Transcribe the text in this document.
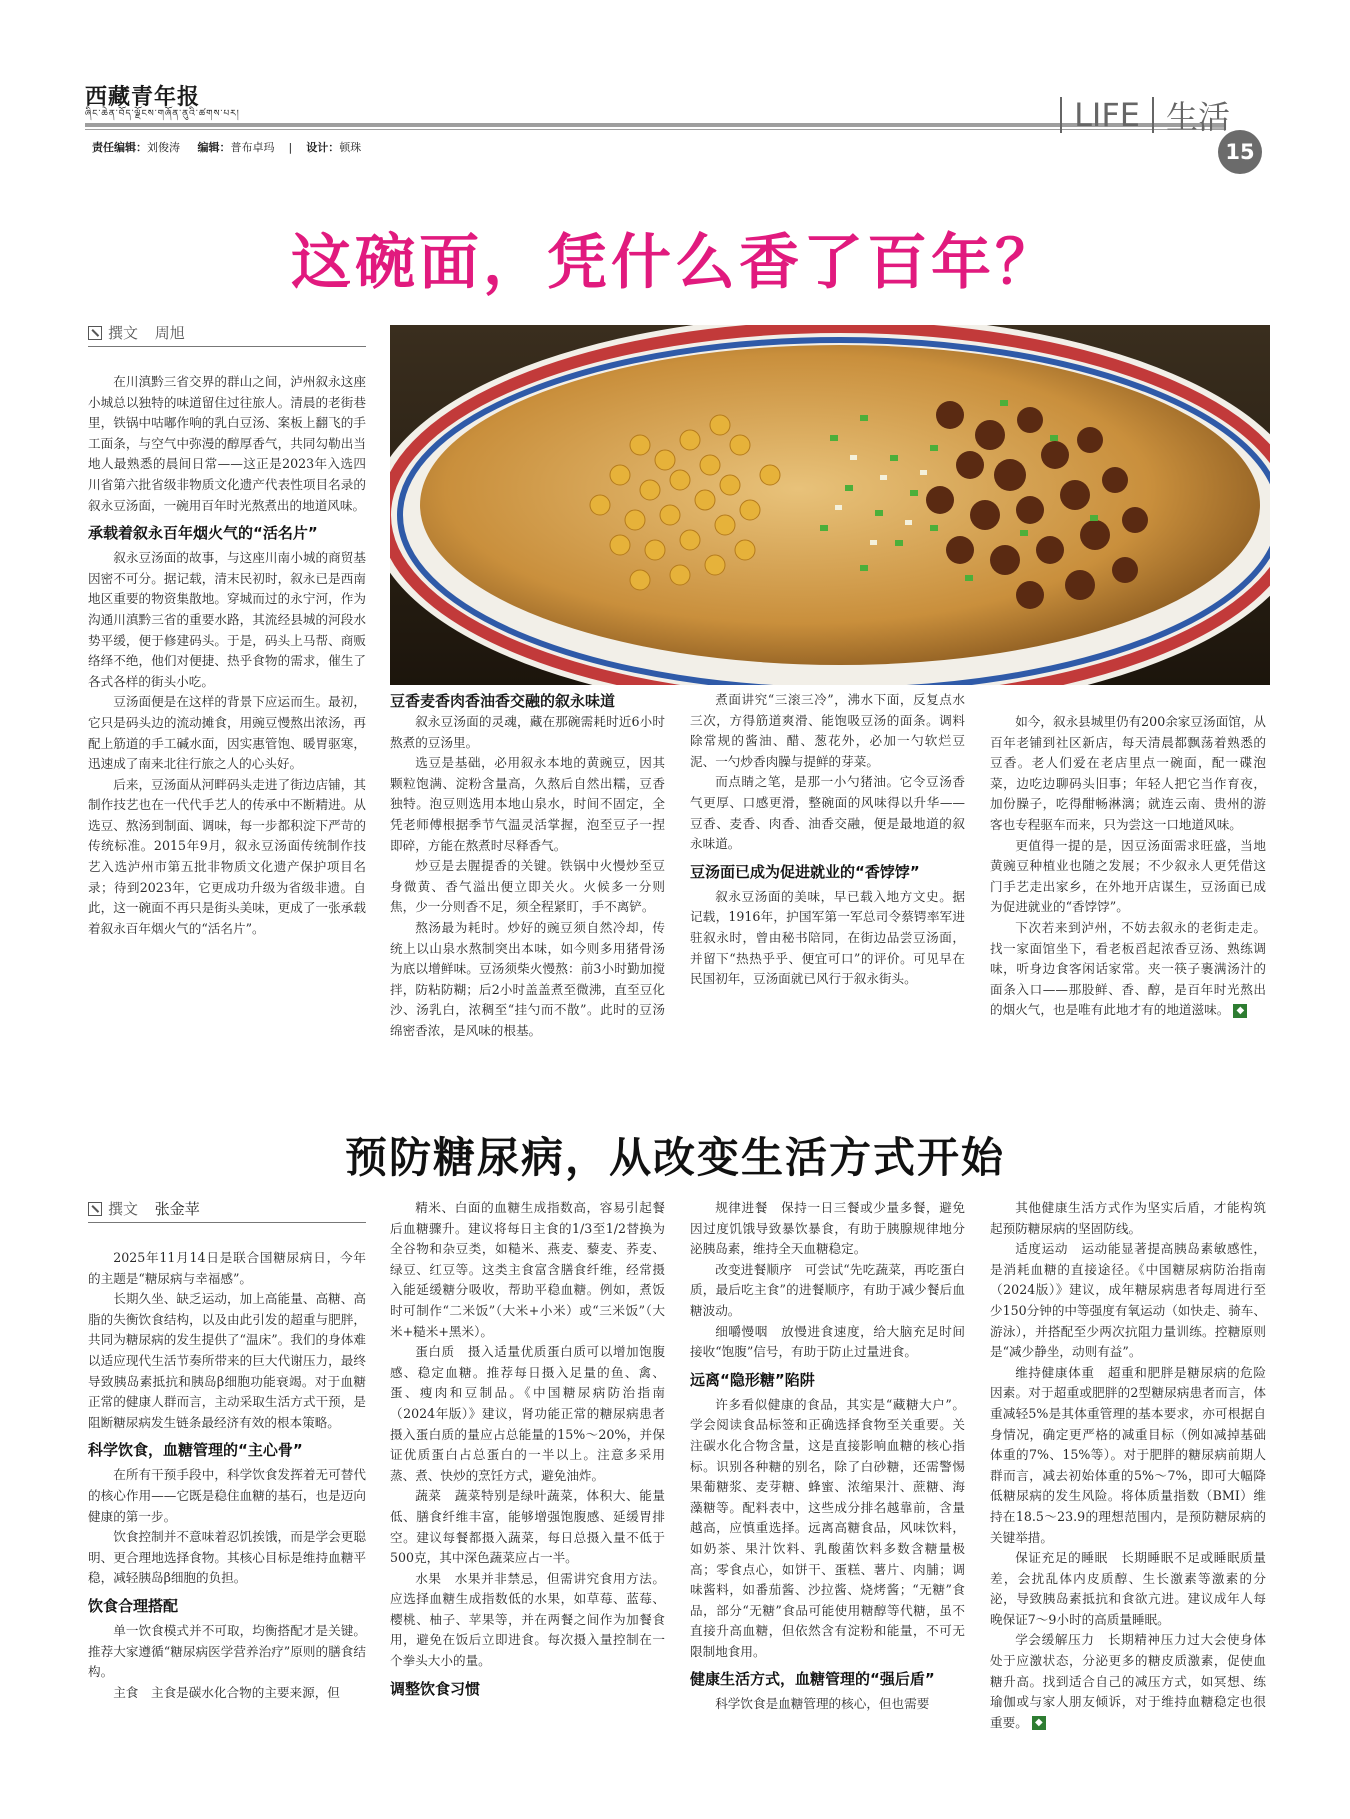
西藏青年报
ཞིང་ཆེན་བོད་ལྗོངས་གཞོན་ནུའི་ཚགས་པར།
责任编辑：刘俊涛 编辑：普布卓玛 | 设计：顿珠
LIFE 生活
15
这碗面，凭什么香了百年？
撰文
周旭
豆香麦香肉香油香交融的叙永味道

在川滇黔三省交界的群山之间，泸州叙永这座小城总以独特的味道留住过往旅人。清晨的老街巷里，铁锅中咕嘟作响的乳白豆汤、案板上翻飞的手工面条，与空气中弥漫的醇厚香气，共同勾勒出当地人最熟悉的晨间日常——这正是2023年入选四川省第六批省级非物质文化遗产代表性项目名录的叙永豆汤面，一碗用百年时光熬煮出的地道风味。

承载着叙永百年烟火气的“活名片”

叙永豆汤面的故事，与这座川南小城的商贸基因密不可分。据记载，清末民初时，叙永已是西南地区重要的物资集散地。穿城而过的永宁河，作为沟通川滇黔三省的重要水路，其流经县城的河段水势平缓，便于修建码头。于是，码头上马帮、商贩络绎不绝，他们对便捷、热乎食物的需求，催生了各式各样的街头小吃。

豆汤面便是在这样的背景下应运而生。最初，它只是码头边的流动摊食，用豌豆慢熬出浓汤，再配上筋道的手工碱水面，因实惠管饱、暖胃驱寒，迅速成了南来北往行旅之人的心头好。

后来，豆汤面从河畔码头走进了街边店铺，其制作技艺也在一代代手艺人的传承中不断精进。从选豆、熬汤到制面、调味，每一步都积淀下严苛的传统标准。2015年9月，叙永豆汤面传统制作技艺入选泸州市第五批非物质文化遗产保护项目名录；待到2023年，它更成功升级为省级非遗。自此，这一碗面不再只是街头美味，更成了一张承载着叙永百年烟火气的“活名片”。

叙永豆汤面的灵魂，藏在那碗需耗时近6小时熬煮的豆汤里。

选豆是基础，必用叙永本地的黄豌豆，因其颗粒饱满、淀粉含量高，久熬后自然出糯，豆香独特。泡豆则选用本地山泉水，时间不固定，全凭老师傅根据季节气温灵活掌握，泡至豆子一捏即碎，方能在熬煮时尽释香气。

炒豆是去腥提香的关键。铁锅中火慢炒至豆身微黄、香气溢出便立即关火。火候多一分则焦，少一分则香不足，须全程紧盯，手不离铲。

熬汤最为耗时。炒好的豌豆须自然冷却，传统上以山泉水熬制突出本味，如今则多用猪骨汤为底以增鲜味。豆汤须柴火慢熬：前3小时勤加搅拌，防粘防糊；后2小时盖盖煮至微沸，直至豆化沙、汤乳白，浓稠至“挂勺而不散”。此时的豆汤绵密香浓，是风味的根基。

煮面讲究“三滚三冷”，沸水下面，反复点水三次，方得筋道爽滑、能饱吸豆汤的面条。调料除常规的酱油、醋、葱花外，必加一勺软烂豆泥、一勺炒香肉臊与提鲜的芽菜。

而点睛之笔，是那一小勺猪油。它令豆汤香气更厚、口感更滑，整碗面的风味得以升华——豆香、麦香、肉香、油香交融，便是最地道的叙永味道。

豆汤面已成为促进就业的“香饽饽”

叙永豆汤面的美味，早已载入地方文史。据记载，1916年，护国军第一军总司令蔡锷率军进驻叙永时，曾由秘书陪同，在街边品尝豆汤面，并留下“热热乎乎、便宜可口”的评价。可见早在民国初年，豆汤面就已风行于叙永街头。

如今，叙永县城里仍有200余家豆汤面馆，从百年老铺到社区新店，每天清晨都飘荡着熟悉的豆香。老人们爱在老店里点一碗面，配一碟泡菜，边吃边聊码头旧事；年轻人把它当作育夜，加份臊子，吃得酣畅淋漓；就连云南、贵州的游客也专程驱车而来，只为尝这一口地道风味。

更值得一提的是，因豆汤面需求旺盛，当地黄豌豆种植业也随之发展；不少叙永人更凭借这门手艺走出家乡，在外地开店谋生，豆汤面已成为促进就业的“香饽饽”。

下次若来到泸州，不妨去叙永的老街走走。找一家面馆坐下，看老板舀起浓香豆汤、熟练调味，听身边食客闲话家常。夹一筷子裹满汤汁的面条入口——那股鲜、香、醇，是百年时光熬出的烟火气，也是唯有此地才有的地道滋味。 ◆

预防糖尿病，从改变生活方式开始
撰文
张金苹

2025年11月14日是联合国糖尿病日，今年的主题是“糖尿病与幸福感”。

长期久坐、缺乏运动，加上高能量、高糖、高脂的失衡饮食结构，以及由此引发的超重与肥胖，共同为糖尿病的发生提供了“温床”。我们的身体难以适应现代生活节奏所带来的巨大代谢压力，最终导致胰岛素抵抗和胰岛β细胞功能衰竭。对于血糖正常的健康人群而言，主动采取生活方式干预，是阻断糖尿病发生链条最经济有效的根本策略。

科学饮食，血糖管理的“主心骨”

在所有干预手段中，科学饮食发挥着无可替代的核心作用——它既是稳住血糖的基石，也是迈向健康的第一步。

饮食控制并不意味着忍饥挨饿，而是学会更聪明、更合理地选择食物。其核心目标是维持血糖平稳，减轻胰岛β细胞的负担。

饮食合理搭配

单一饮食模式并不可取，均衡搭配才是关键。推荐大家遵循“糖尿病医学营养治疗”原则的膳食结构。

主食　主食是碳水化合物的主要来源，但

精米、白面的血糖生成指数高，容易引起餐后血糖骤升。建议将每日主食的1/3至1/2替换为全谷物和杂豆类，如糙米、燕麦、藜麦、荞麦、绿豆、红豆等。这类主食富含膳食纤维，经常摄入能延缓糖分吸收，帮助平稳血糖。例如，煮饭时可制作“二米饭”（大米+小米）或“三米饭”（大米+糙米+黑米）。

蛋白质　摄入适量优质蛋白质可以增加饱腹感、稳定血糖。推荐每日摄入足量的鱼、禽、蛋、瘦肉和豆制品。《中国糖尿病防治指南（2024年版）》建议，肾功能正常的糖尿病患者摄入蛋白质的量应占总能量的15%～20%，并保证优质蛋白占总蛋白的一半以上。注意多采用蒸、煮、快炒的烹饪方式，避免油炸。

蔬菜　蔬菜特别是绿叶蔬菜，体积大、能量低、膳食纤维丰富，能够增强饱腹感、延缓胃排空。建议每餐都摄入蔬菜，每日总摄入量不低于500克，其中深色蔬菜应占一半。

水果　水果并非禁忌，但需讲究食用方法。应选择血糖生成指数低的水果，如草莓、蓝莓、樱桃、柚子、苹果等，并在两餐之间作为加餐食用，避免在饭后立即进食。每次摄入量控制在一个拳头大小的量。

调整饮食习惯

规律进餐　保持一日三餐或少量多餐，避免因过度饥饿导致暴饮暴食，有助于胰腺规律地分泌胰岛素，维持全天血糖稳定。

改变进餐顺序　可尝试“先吃蔬菜，再吃蛋白质，最后吃主食”的进餐顺序，有助于减少餐后血糖波动。

细嚼慢咽　放慢进食速度，给大脑充足时间接收“饱腹”信号，有助于防止过量进食。

远离“隐形糖”陷阱

许多看似健康的食品，其实是“藏糖大户”。学会阅读食品标签和正确选择食物至关重要。关注碳水化合物含量，这是直接影响血糖的核心指标。识别各种糖的别名，除了白砂糖，还需警惕果葡糖浆、麦芽糖、蜂蜜、浓缩果汁、蔗糖、海藻糖等。配料表中，这些成分排名越靠前，含量越高，应慎重选择。远离高糖食品，风味饮料，如奶茶、果汁饮料、乳酸菌饮料多数含糖量极高；零食点心，如饼干、蛋糕、薯片、肉脯；调味酱料，如番茄酱、沙拉酱、烧烤酱；“无糖”食品，部分“无糖”食品可能使用糖醇等代糖，虽不直接升高血糖，但依然含有淀粉和能量，不可无限制地食用。

健康生活方式，血糖管理的“强后盾”

科学饮食是血糖管理的核心，但也需要

其他健康生活方式作为坚实后盾，才能构筑起预防糖尿病的坚固防线。

适度运动　运动能显著提高胰岛素敏感性，是消耗血糖的直接途径。《中国糖尿病防治指南（2024版）》建议，成年糖尿病患者每周进行至少150分钟的中等强度有氧运动（如快走、骑车、游泳），并搭配至少两次抗阻力量训练。控糖原则是“减少静坐，动则有益”。

维持健康体重　超重和肥胖是糖尿病的危险因素。对于超重或肥胖的2型糖尿病患者而言，体重减轻5%是其体重管理的基本要求，亦可根据自身情况，确定更严格的减重目标（例如减掉基础体重的7%、15%等）。对于肥胖的糖尿病前期人群而言，减去初始体重的5%～7%，即可大幅降低糖尿病的发生风险。将体质量指数（BMI）维持在18.5～23.9的理想范围内，是预防糖尿病的关键举措。

保证充足的睡眠　长期睡眠不足或睡眠质量差，会扰乱体内皮质醇、生长激素等激素的分泌，导致胰岛素抵抗和食欲亢进。建议成年人每晚保证7～9小时的高质量睡眠。

学会缓解压力　长期精神压力过大会使身体处于应激状态，分泌更多的糖皮质激素，促使血糖升高。找到适合自己的减压方式，如冥想、练瑜伽或与家人朋友倾诉，对于维持血糖稳定也很重要。 ◆
